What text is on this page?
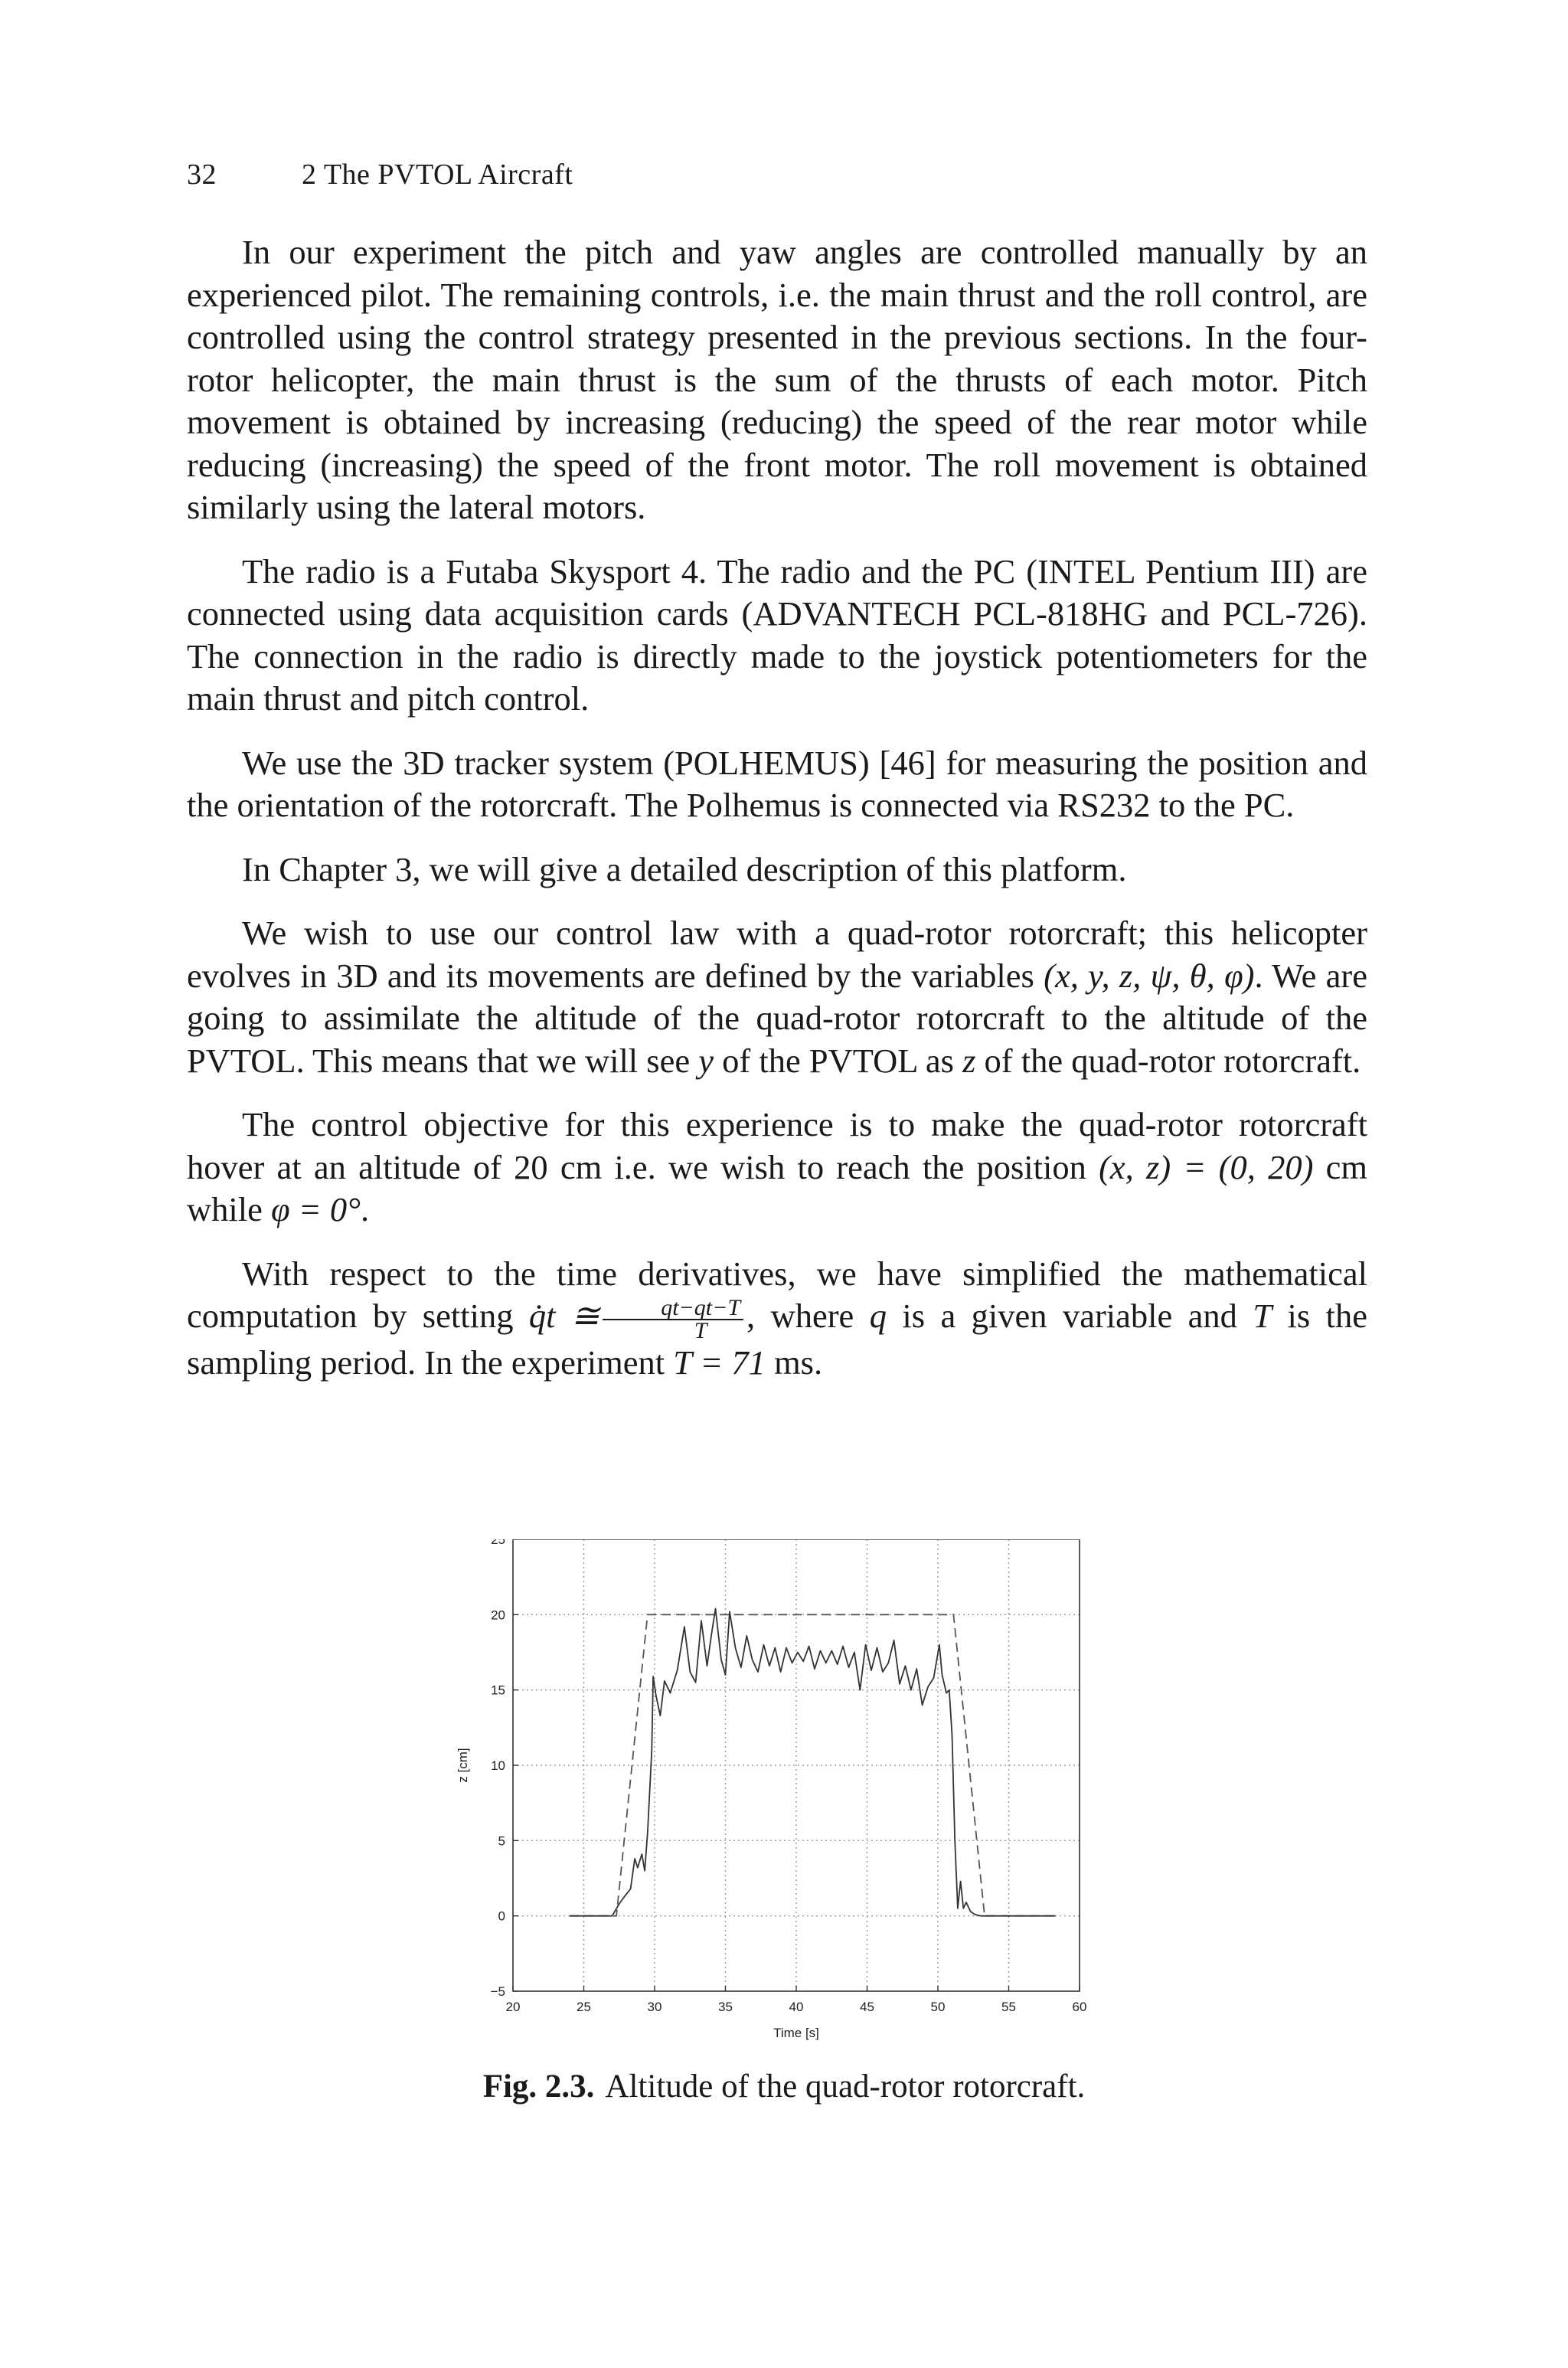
32	2 The PVTOL Aircraft

In our experiment the pitch and yaw angles are controlled manually by an experienced pilot. The remaining controls, i.e. the main thrust and the roll control, are controlled using the control strategy presented in the previous sections. In the four-rotor helicopter, the main thrust is the sum of the thrusts of each motor. Pitch movement is obtained by increasing (reducing) the speed of the rear motor while reducing (increasing) the speed of the front motor. The roll movement is obtained similarly using the lateral motors.

The radio is a Futaba Skysport 4. The radio and the PC (INTEL Pentium III) are connected using data acquisition cards (ADVANTECH PCL-818HG and PCL-726). The connection in the radio is directly made to the joystick potentiometers for the main thrust and pitch control.

We use the 3D tracker system (POLHEMUS) [46] for measuring the position and the orientation of the rotorcraft. The Polhemus is connected via RS232 to the PC.

In Chapter 3, we will give a detailed description of this platform.

We wish to use our control law with a quad-rotor rotorcraft; this helicopter evolves in 3D and its movements are defined by the variables (x, y, z, ψ, θ, φ). We are going to assimilate the altitude of the quad-rotor rotorcraft to the altitude of the PVTOL. This means that we will see y of the PVTOL as z of the quad-rotor rotorcraft.

The control objective for this experience is to make the quad-rotor rotorcraft hover at an altitude of 20 cm i.e. we wish to reach the position (x, z) = (0, 20) cm while φ = 0°.

With respect to the time derivatives, we have simplified the mathematical computation by setting q̇t ≅ $\frac{qt-qt-T}{T}$ , where q is a given variable and T is the sampling period. In the experiment T = 71 ms.

20	25	30	35	40	45	50	55	60
−5
0
5
10
15
20
25
Time [s]
z [cm]
Fig. 2.3. Altitude of the quad-rotor rotorcraft.
